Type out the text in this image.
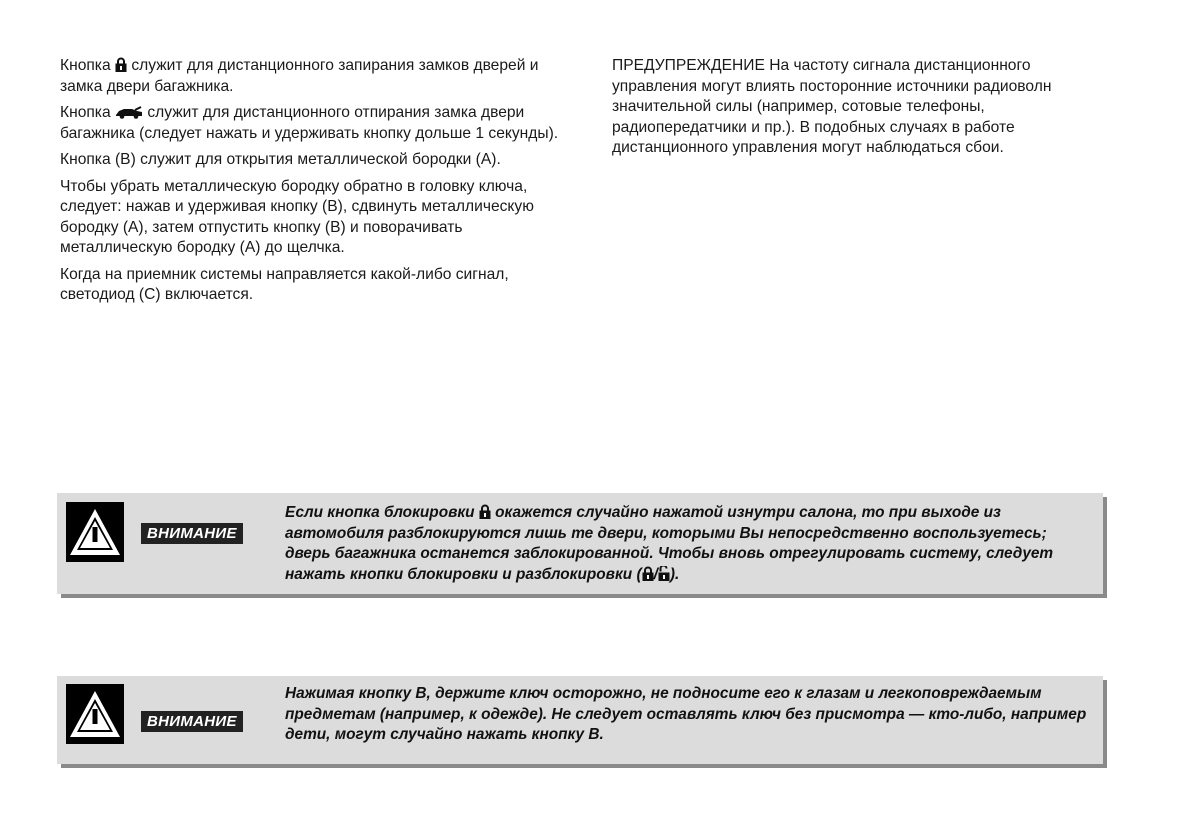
Кнопка служит для дистанционного запирания замков дверей и замка двери багажника.

Кнопка служит для дистанционного отпирания замка двери багажника (следует нажать и удерживать кнопку дольше 1 секунды).

Кнопка (B) служит для открытия металлической бородки (A).

Чтобы убрать металлическую бородку обратно в головку ключа, следует: нажав и удерживая кнопку (B), сдвинуть металлическую бородку (A), затем отпустить кнопку (B) и поворачивать металлическую бородку (A) до щелчка.

Когда на приемник системы направляется какой-либо сигнал, светодиод (C) включается.

ПРЕДУПРЕЖДЕНИЕ На частоту сигнала дистанционного управления могут влиять посторонние источники радиоволн значительной силы (например, сотовые телефоны, радиопередатчики и пр.). В подобных случаях в работе дистанционного управления могут наблюдаться сбои.

ВНИМАНИЕ
Если кнопка блокировки окажется случайно нажатой изнутри салона, то при выходе из автомобиля разблокируются лишь те двери, которыми Вы непосредственно воспользуетесь; дверь багажника останется заблокированной. Чтобы вновь отрегулировать систему, следует нажать кнопки блокировки и разблокировки ( / ).
ВНИМАНИЕ
Нажимая кнопку B, держите ключ осторожно, не подносите его к глазам и легкоповреждаемым предметам (например, к одежде). Не следует оставлять ключ без присмотра — кто-либо, например дети, могут случайно нажать кнопку B.
